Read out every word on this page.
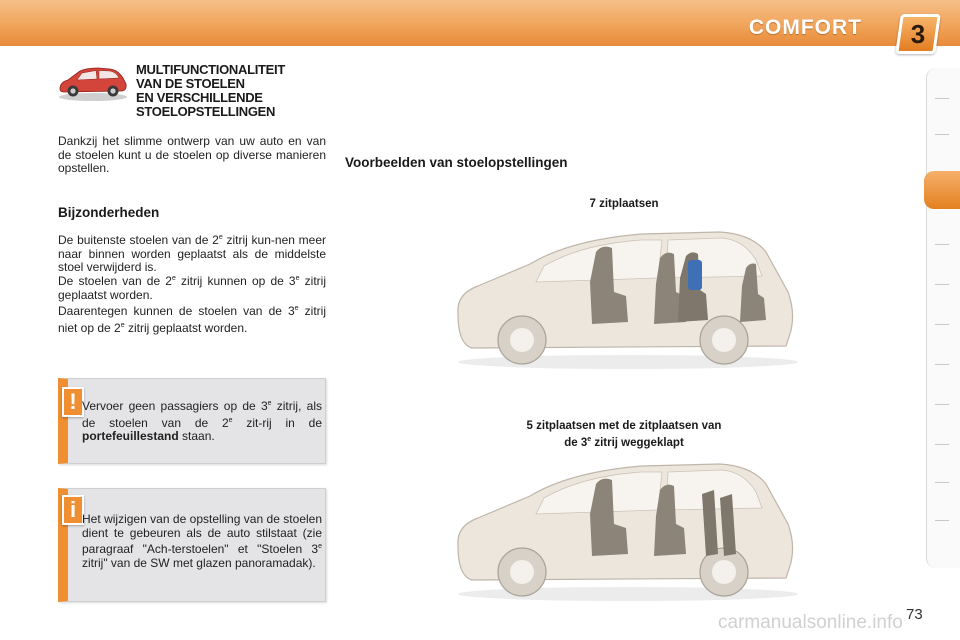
COMFORT	3
MULTIFUNCTIONALITEIT
VAN DE STOELEN
EN VERSCHILLENDE
STOELOPSTELLINGEN
Dankzij het slimme ontwerp van uw auto en van de stoelen kunt u de stoelen op diverse manieren opstellen.
Bijzonderheden
De buitenste stoelen van de 2e zitrij kun-nen meer naar binnen worden geplaatst als de middelste stoel verwijderd is.
De stoelen van de 2e zitrij kunnen op de 3e zitrij geplaatst worden.
Daarentegen kunnen de stoelen van de 3e zitrij niet op de 2e zitrij geplaatst worden.
! Vervoer geen passagiers op de 3e zitrij, als de stoelen van de 2e zit-rij in de portefeuillestand staan.
i Het wijzigen van de opstelling van de stoelen dient te gebeuren als de auto stilstaat (zie paragraaf "Ach-terstoelen" et "Stoelen 3e zitrij" van de SW met glazen panoramadak).
Voorbeelden van stoelopstellingen
7 zitplaatsen
5 zitplaatsen met de zitplaatsen van
de 3e zitrij weggeklapt
73
carmanualsonline.info
